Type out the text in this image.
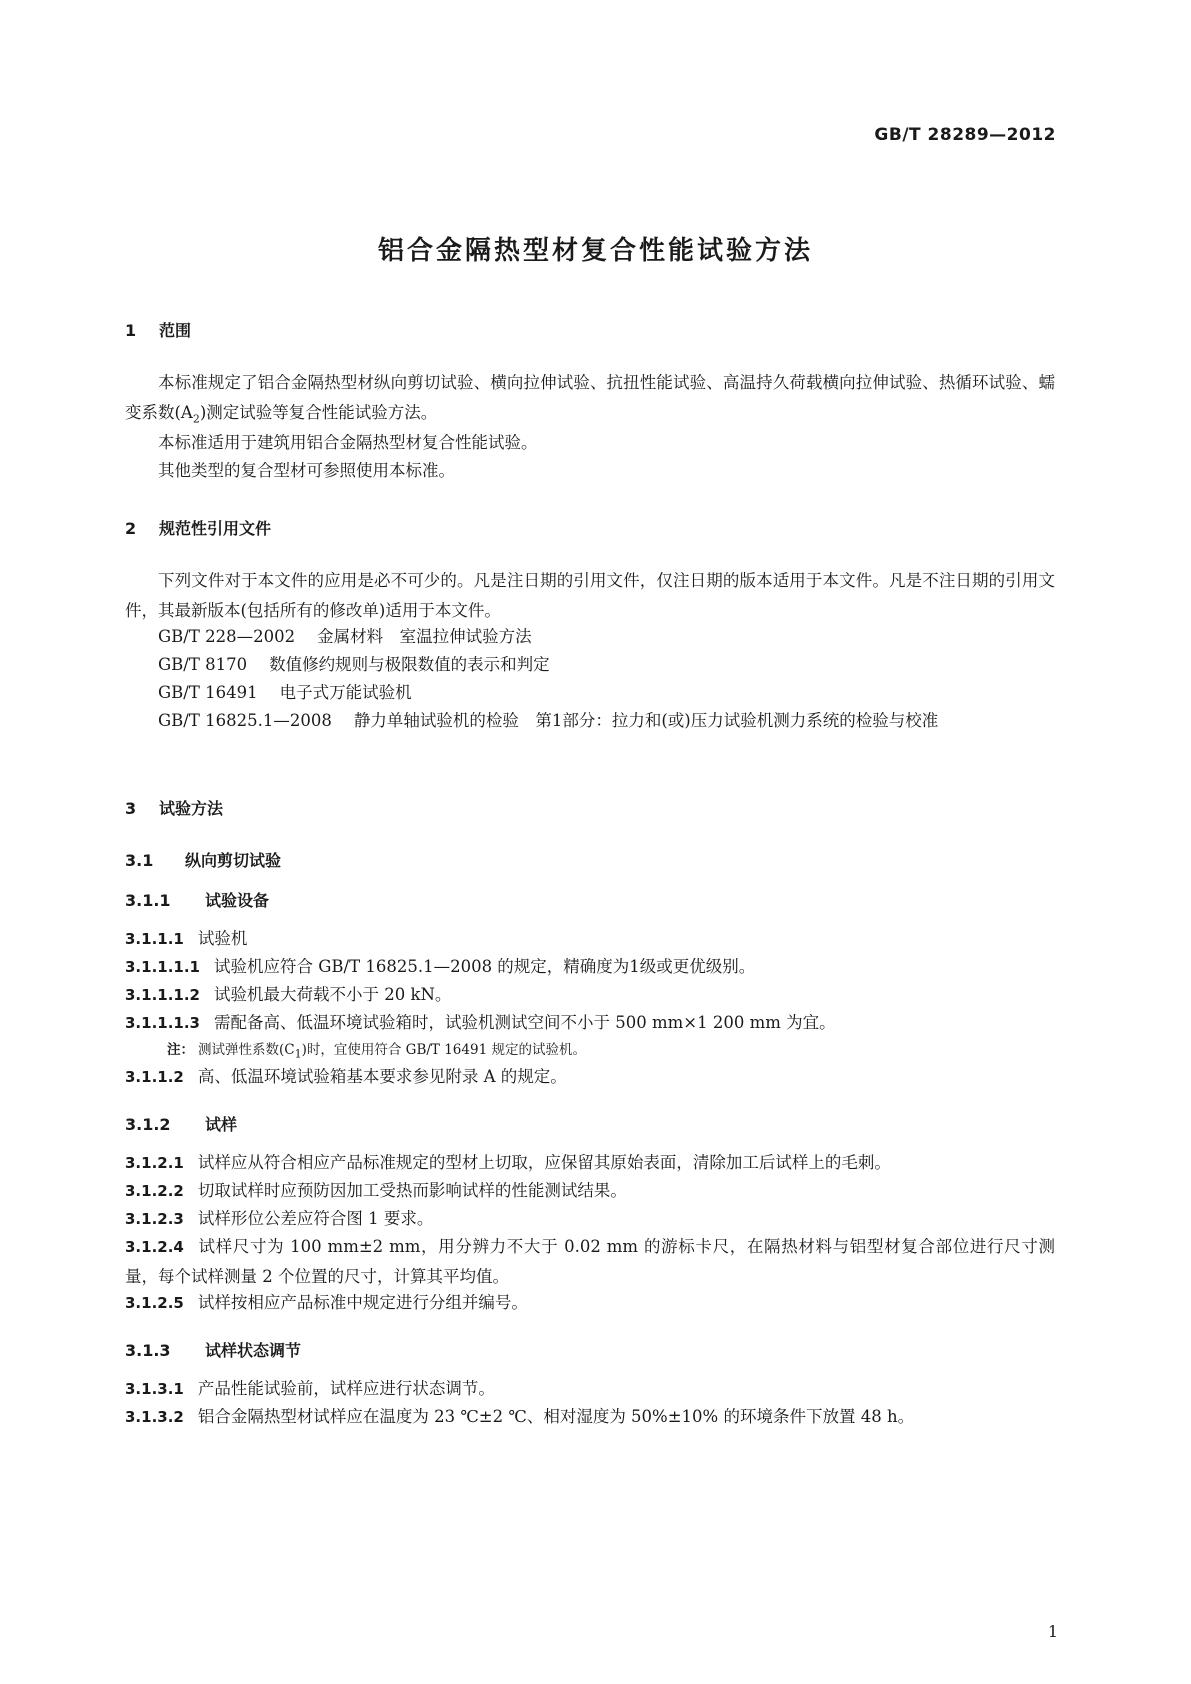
GB/T 28289—2012
铝合金隔热型材复合性能试验方法
1 范围
本标准规定了铝合金隔热型材纵向剪切试验、横向拉伸试验、抗扭性能试验、高温持久荷载横向拉伸试验、热循环试验、蠕变系数$(A_2)$测定试验等复合性能试验方法。
本标准适用于建筑用铝合金隔热型材复合性能试验。
其他类型的复合型材可参照使用本标准。
2 规范性引用文件
下列文件对于本文件的应用是必不可少的。凡是注日期的引用文件，仅注日期的版本适用于本文件。凡是不注日期的引用文件，其最新版本(包括所有的修改单)适用于本文件。
GB/T 228—2002 金属材料　室温拉伸试验方法
GB/T 8170 数值修约规则与极限数值的表示和判定
GB/T 16491 电子式万能试验机
GB/T 16825.1—2008 静力单轴试验机的检验　第1部分：拉力和(或)压力试验机测力系统的检验与校准
3 试验方法
3.1 纵向剪切试验
3.1.1 试验设备
3.1.1.1 试验机
3.1.1.1.1 试验机应符合 GB/T 16825.1—2008 的规定，精确度为1级或更优级别。
3.1.1.1.2 试验机最大荷载不小于 20 kN。
3.1.1.1.3 需配备高、低温环境试验箱时，试验机测试空间不小于 500 mm×1 200 mm 为宜。
注： 测试弹性系数$(C_1)$时，宜使用符合 GB/T 16491 规定的试验机。
3.1.1.2 高、低温环境试验箱基本要求参见附录 A 的规定。
3.1.2 试样
3.1.2.1 试样应从符合相应产品标准规定的型材上切取，应保留其原始表面，清除加工后试样上的毛刺。
3.1.2.2 切取试样时应预防因加工受热而影响试样的性能测试结果。
3.1.2.3 试样形位公差应符合图 1 要求。
3.1.2.4 试样尺寸为 100 mm±2 mm，用分辨力不大于 0.02 mm 的游标卡尺，在隔热材料与铝型材复合部位进行尺寸测量，每个试样测量 2 个位置的尺寸，计算其平均值。
3.1.2.5 试样按相应产品标准中规定进行分组并编号。
3.1.3 试样状态调节
3.1.3.1 产品性能试验前，试样应进行状态调节。
3.1.3.2 铝合金隔热型材试样应在温度为 23 ℃±2 ℃、相对湿度为 50%±10% 的环境条件下放置 48 h。
1
